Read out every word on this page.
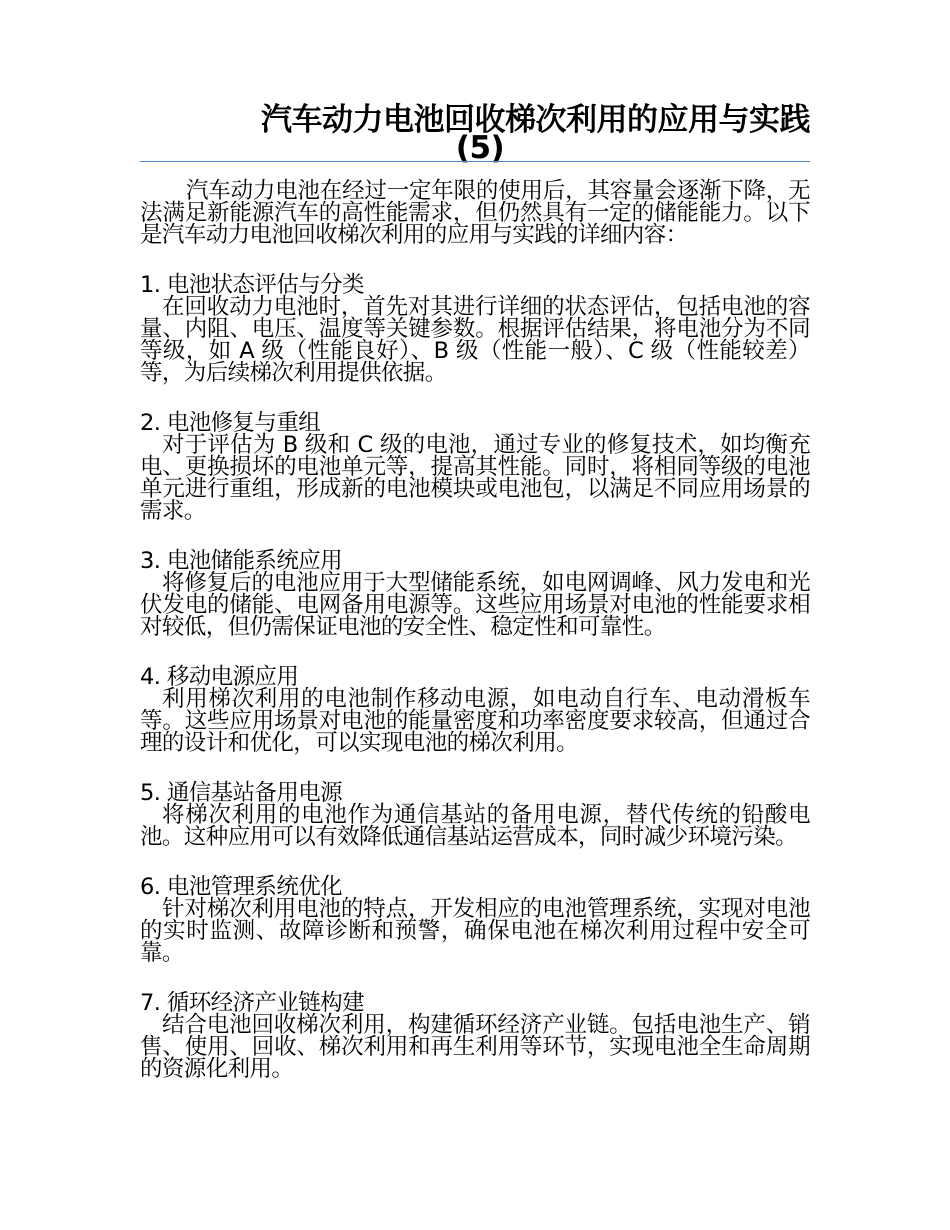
汽车动力电池回收梯次利用的应用与实践
(5)

汽车动力电池在经过一定年限的使用后，其容量会逐渐下降，无法满足新能源汽车的高性能需求，但仍然具有一定的储能能力。以下是汽车动力电池回收梯次利用的应用与实践的详细内容：

1. 电池状态评估与分类
在回收动力电池时，首先对其进行详细的状态评估，包括电池的容量、内阻、电压、温度等关键参数。根据评估结果，将电池分为不同等级，如 A 级（性能良好）、B 级（性能一般）、C 级（性能较差）等，为后续梯次利用提供依据。
2. 电池修复与重组
对于评估为 B 级和 C 级的电池，通过专业的修复技术，如均衡充电、更换损坏的电池单元等，提高其性能。同时，将相同等级的电池单元进行重组，形成新的电池模块或电池包，以满足不同应用场景的需求。
3. 电池储能系统应用
将修复后的电池应用于大型储能系统，如电网调峰、风力发电和光伏发电的储能、电网备用电源等。这些应用场景对电池的性能要求相对较低，但仍需保证电池的安全性、稳定性和可靠性。
4. 移动电源应用
利用梯次利用的电池制作移动电源，如电动自行车、电动滑板车等。这些应用场景对电池的能量密度和功率密度要求较高，但通过合理的设计和优化，可以实现电池的梯次利用。
5. 通信基站备用电源
将梯次利用的电池作为通信基站的备用电源，替代传统的铅酸电池。这种应用可以有效降低通信基站运营成本，同时减少环境污染。
6. 电池管理系统优化
针对梯次利用电池的特点，开发相应的电池管理系统，实现对电池的实时监测、故障诊断和预警，确保电池在梯次利用过程中安全可靠。
7. 循环经济产业链构建
结合电池回收梯次利用，构建循环经济产业链。包括电池生产、销售、使用、回收、梯次利用和再生利用等环节，实现电池全生命周期的资源化利用。
